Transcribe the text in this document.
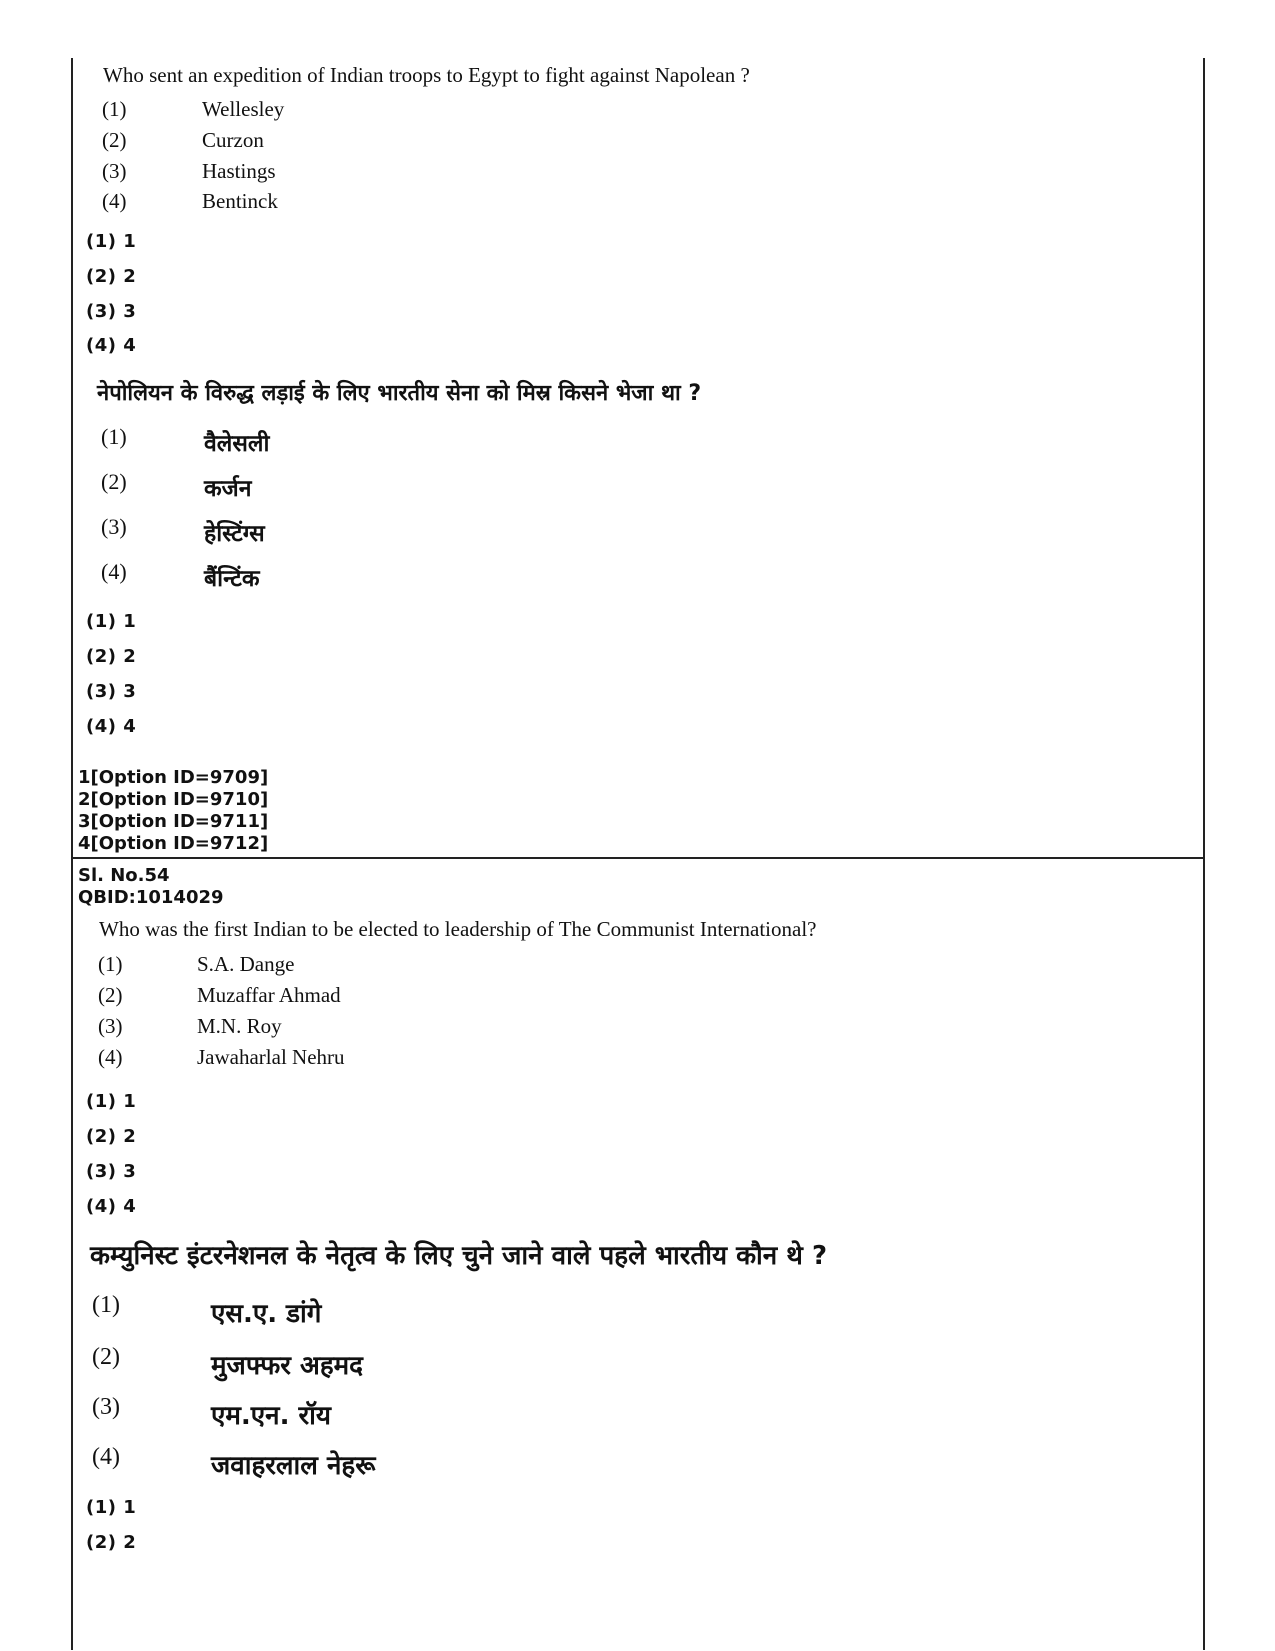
Who sent an expedition of Indian troops to Egypt to fight against Napolean ?
(1)	Wellesley
(2)	Curzon
(3)	Hastings
(4)	Bentinck
(1) 1
(2) 2
(3) 3
(4) 4
नेपोलियन के विरुद्ध लड़ाई के लिए भारतीय सेना को मिस्र किसने भेजा था ?
(1)	वैलेसली
(2)	कर्जन
(3)	हेस्टिंग्स
(4)	बैंन्टिंक
(1) 1
(2) 2
(3) 3
(4) 4
1[Option ID=9709]
2[Option ID=9710]
3[Option ID=9711]
4[Option ID=9712]
Sl. No.54
QBID:1014029
Who was the first Indian to be elected to leadership of The Communist International?
(1)	S.A. Dange
(2)	Muzaffar Ahmad
(3)	M.N. Roy
(4)	Jawaharlal Nehru
(1) 1
(2) 2
(3) 3
(4) 4
कम्युनिस्ट इंटरनेशनल के नेतृत्व के लिए चुने जाने वाले पहले भारतीय कौन थे ?
(1)	एस.ए. डांगे
(2)	मुजफ्फर अहमद
(3)	एम.एन. रॉय
(4)	जवाहरलाल नेहरू
(1) 1
(2) 2
